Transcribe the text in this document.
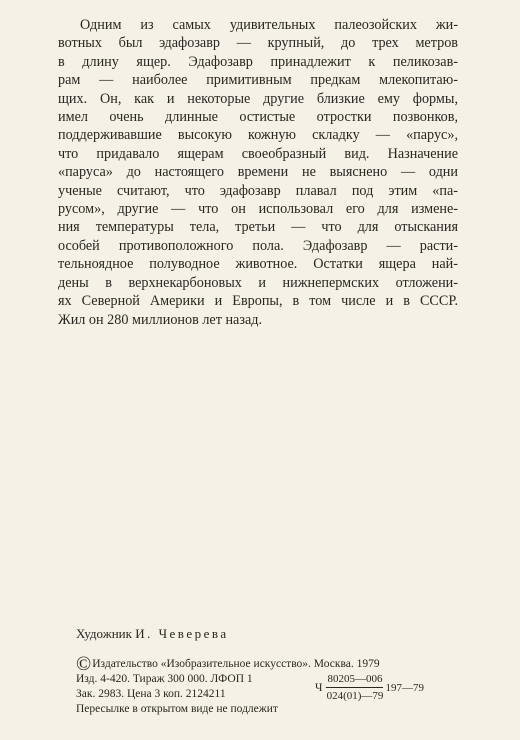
Одним из самых удивительных палеозойских жи-
вотных был эдафозавр — крупный, до трех метров
в длину ящер. Эдафозавр принадлежит к пеликозав-
рам — наиболее примитивным предкам млекопитаю-
щих. Он, как и некоторые другие близкие ему формы,
имел очень длинные остистые отростки позвонков,
поддерживавшие высокую кожную складку — «парус»,
что придавало ящерам своеобразный вид. Назначение
«паруса» до настоящего времени не выяснено — одни
ученые считают, что эдафозавр плавал под этим «па-
русом», другие — что он использовал его для измене-
ния температуры тела, третьи — что для отыскания
особей противоположного пола. Эдафозавр — расти-
тельноядное полуводное животное. Остатки ящера най-
дены в верхнекарбоновых и нижнепермских отложени-
ях Северной Америки и Европы, в том числе и в СССР.
Жил он 280 миллионов лет назад.
Художник И. Чеверева
©Издательство «Изобразительное искусство». Москва. 1979
Изд. 4-420. Тираж 300 000. ЛФОП 1
Зак. 2983. Цена 3 коп. 2124211
Пересылке в открытом виде не подлежит
Ч $\frac{80205—006}{024(01)—79}$ 197—79
